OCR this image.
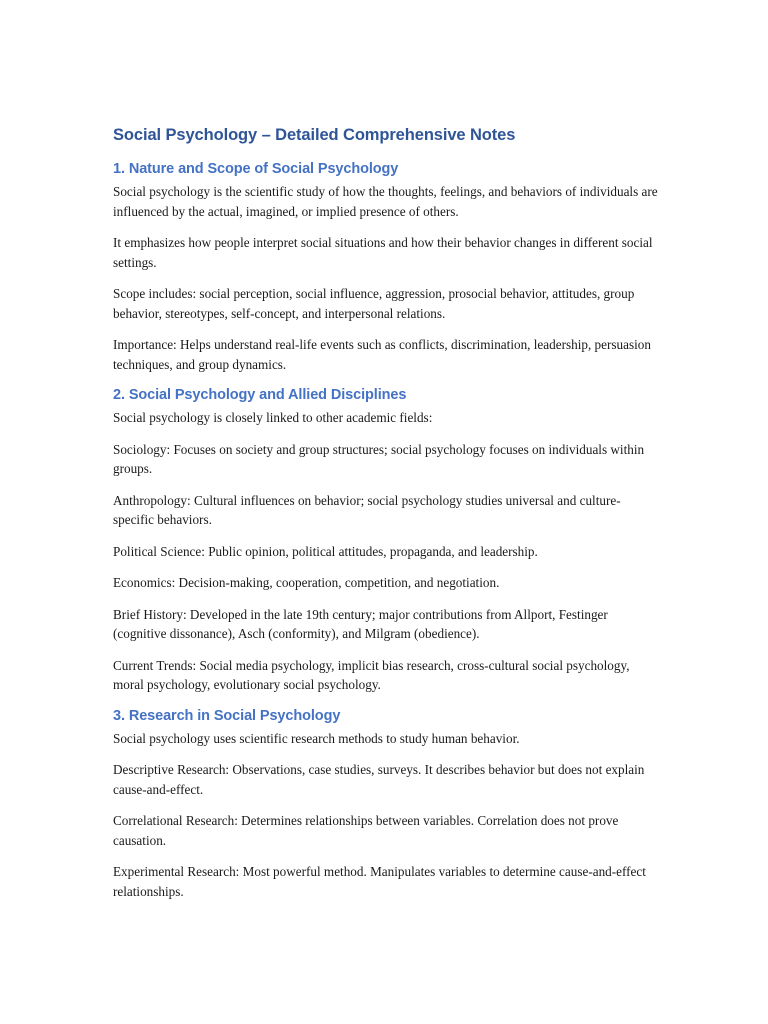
Social Psychology – Detailed Comprehensive Notes
1. Nature and Scope of Social Psychology

Social psychology is the scientific study of how the thoughts, feelings, and behaviors of individuals are influenced by the actual, imagined, or implied presence of others.

It emphasizes how people interpret social situations and how their behavior changes in different social settings.

Scope includes: social perception, social influence, aggression, prosocial behavior, attitudes, group behavior, stereotypes, self-concept, and interpersonal relations.

Importance: Helps understand real-life events such as conflicts, discrimination, leadership, persuasion techniques, and group dynamics.

2. Social Psychology and Allied Disciplines

Social psychology is closely linked to other academic fields:

Sociology: Focuses on society and group structures; social psychology focuses on individuals within groups.

Anthropology: Cultural influences on behavior; social psychology studies universal and culture-specific behaviors.

Political Science: Public opinion, political attitudes, propaganda, and leadership.

Economics: Decision-making, cooperation, competition, and negotiation.

Brief History: Developed in the late 19th century; major contributions from Allport, Festinger (cognitive dissonance), Asch (conformity), and Milgram (obedience).

Current Trends: Social media psychology, implicit bias research, cross-cultural social psychology, moral psychology, evolutionary social psychology.

3. Research in Social Psychology

Social psychology uses scientific research methods to study human behavior.

Descriptive Research: Observations, case studies, surveys. It describes behavior but does not explain cause-and-effect.

Correlational Research: Determines relationships between variables. Correlation does not prove causation.

Experimental Research: Most powerful method. Manipulates variables to determine cause-and-effect relationships.
